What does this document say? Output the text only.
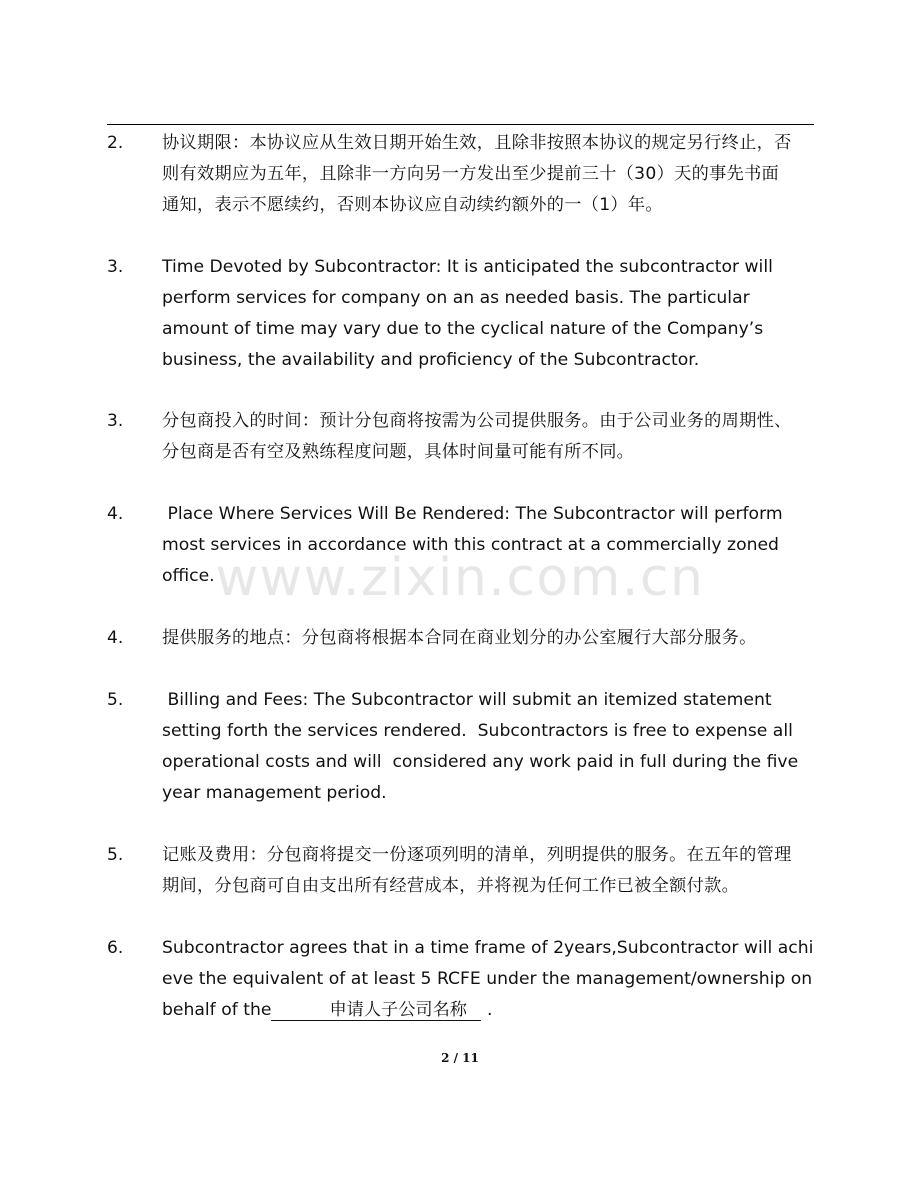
2.	协议期限：本协议应从生效日期开始生效，且除非按照本协议的规定另行终止，否
则有效期应为五年，且除非一方向另一方发出至少提前三十（30）天的事先书面
通知，表示不愿续约，否则本协议应自动续约额外的一（1）年。
3.	Time Devoted by Subcontractor: It is anticipated the subcontractor will
perform services for company on an as needed basis. The particular
amount of time may vary due to the cyclical nature of the Company’s
business, the availability and proficiency of the Subcontractor.
3.	分包商投入的时间：预计分包商将按需为公司提供服务。由于公司业务的周期性、
分包商是否有空及熟练程度问题，具体时间量可能有所不同。
4.	Place Where Services Will Be Rendered: The Subcontractor will perform
most services in accordance with this contract at a commercially zoned
office.
4.	提供服务的地点：分包商将根据本合同在商业划分的办公室履行大部分服务。
5.	Billing and Fees: The Subcontractor will submit an itemized statement
setting forth the services rendered.  Subcontractors is free to expense all
operational costs and will  considered any work paid in full during the five
year management period.
5.	记账及费用：分包商将提交一份逐项列明的清单，列明提供的服务。在五年的管理
期间，分包商可自由支出所有经营成本，并将视为任何工作已被全额付款。
6.	Subcontractor agrees that in a time frame of 2years,Subcontractor will achi
eve the equivalent of at least 5 RCFE under the management/ownership on
behalf of the	申请人子公司名称 .
www.zixin.com.cn
2 / 11
